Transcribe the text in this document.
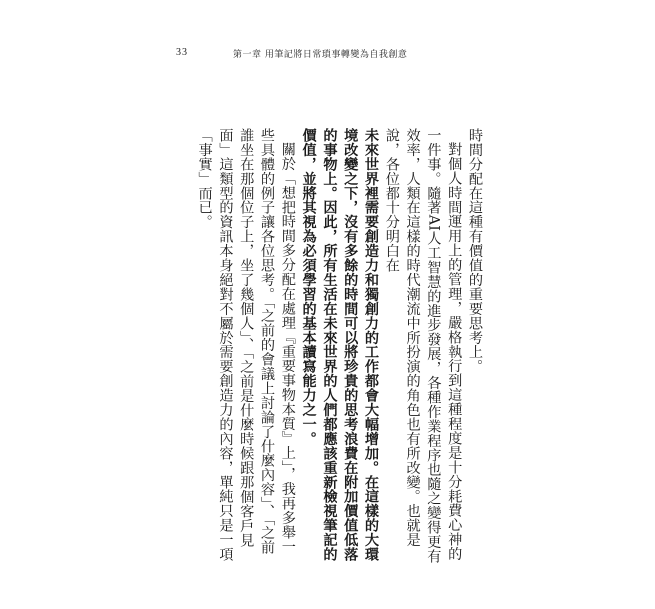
33	第一章 用筆記將日常瑣事轉變為自我創意

時間分配在這種有價值的重要思考上。

對個人時間運用上的管理，嚴格執行到這種程度是十分耗費心神的一件事。隨著AI人工智慧的進步發展，各種作業程序也隨之變得更有效率，人類在這樣的時代潮流中所扮演的角色也有所改變。也就是說，各位都十分明白在

未來世界裡需要創造力和獨創力的工作都會大幅增加。在這樣的大環境改變之下，沒有多餘的時間可以將珍貴的思考浪費在附加價值低落的事物上。因此，所有生活在未來世界的人們都應該重新檢視筆記的價值，並將其視為必須學習的基本讀寫能力之一。

關於「想把時間多分配在處理『重要事物本質』上」，我再多舉一些具體的例子讓各位思考。「之前的會議上討論了什麼內容」、「之前誰坐在那個位子上，坐了幾個人」、「之前是什麼時候跟那個客戶見面」這類型的資訊本身絕對不屬於需要創造力的內容，單純只是一項「事實」而已。
